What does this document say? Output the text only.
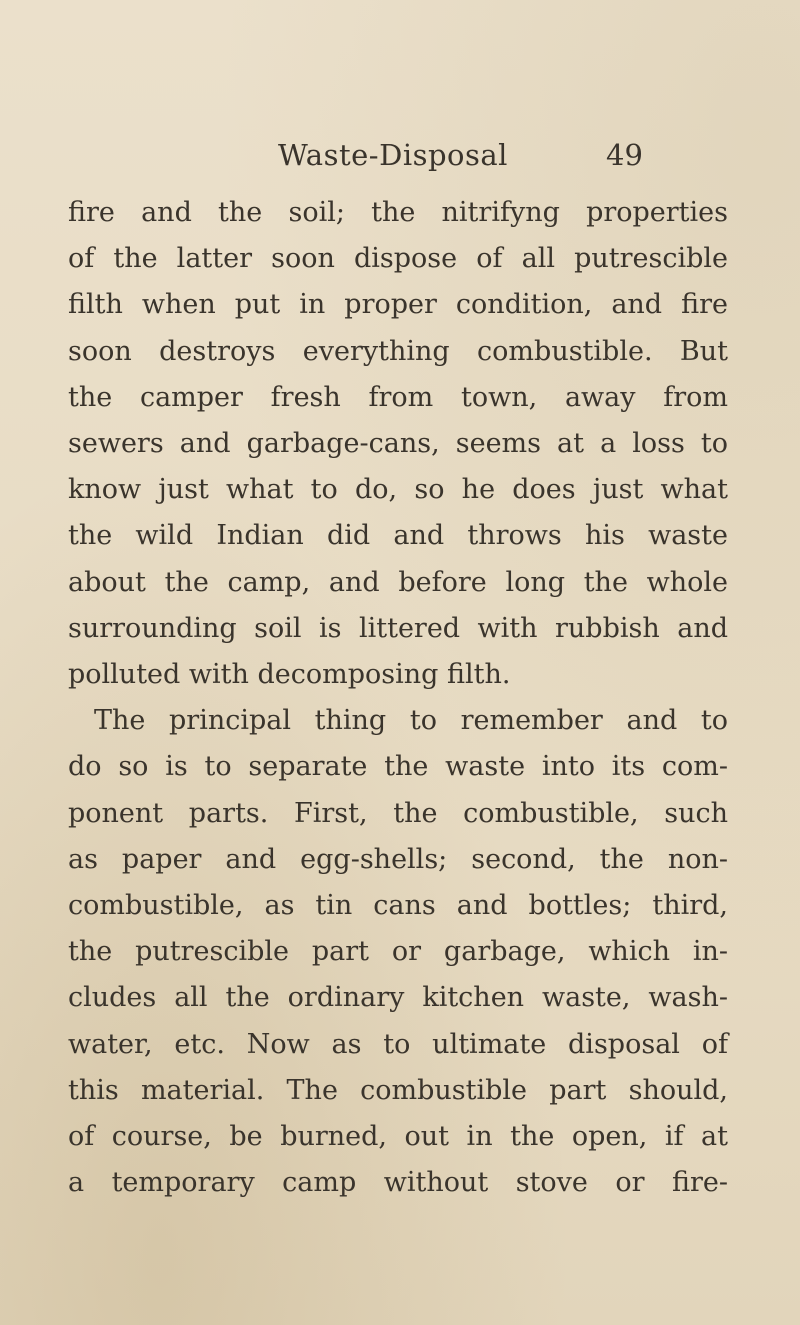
Waste-Disposal	49
fire and the soil; the nitrifyng properties
of the latter soon dispose of all putrescible
filth when put in proper condition, and fire
soon destroys everything combustible. But
the camper fresh from town, away from
sewers and garbage-cans, seems at a loss to
know just what to do, so he does just what
the wild Indian did and throws his waste
about the camp, and before long the whole
surrounding soil is littered with rubbish and
polluted with decomposing filth.
The principal thing to remember and to
do so is to separate the waste into its com-
ponent parts. First, the combustible, such
as paper and egg-shells; second, the non-
combustible, as tin cans and bottles; third,
the putrescible part or garbage, which in-
cludes all the ordinary kitchen waste, wash-
water, etc. Now as to ultimate disposal of
this material. The combustible part should,
of course, be burned, out in the open, if at
a temporary camp without stove or fire-
